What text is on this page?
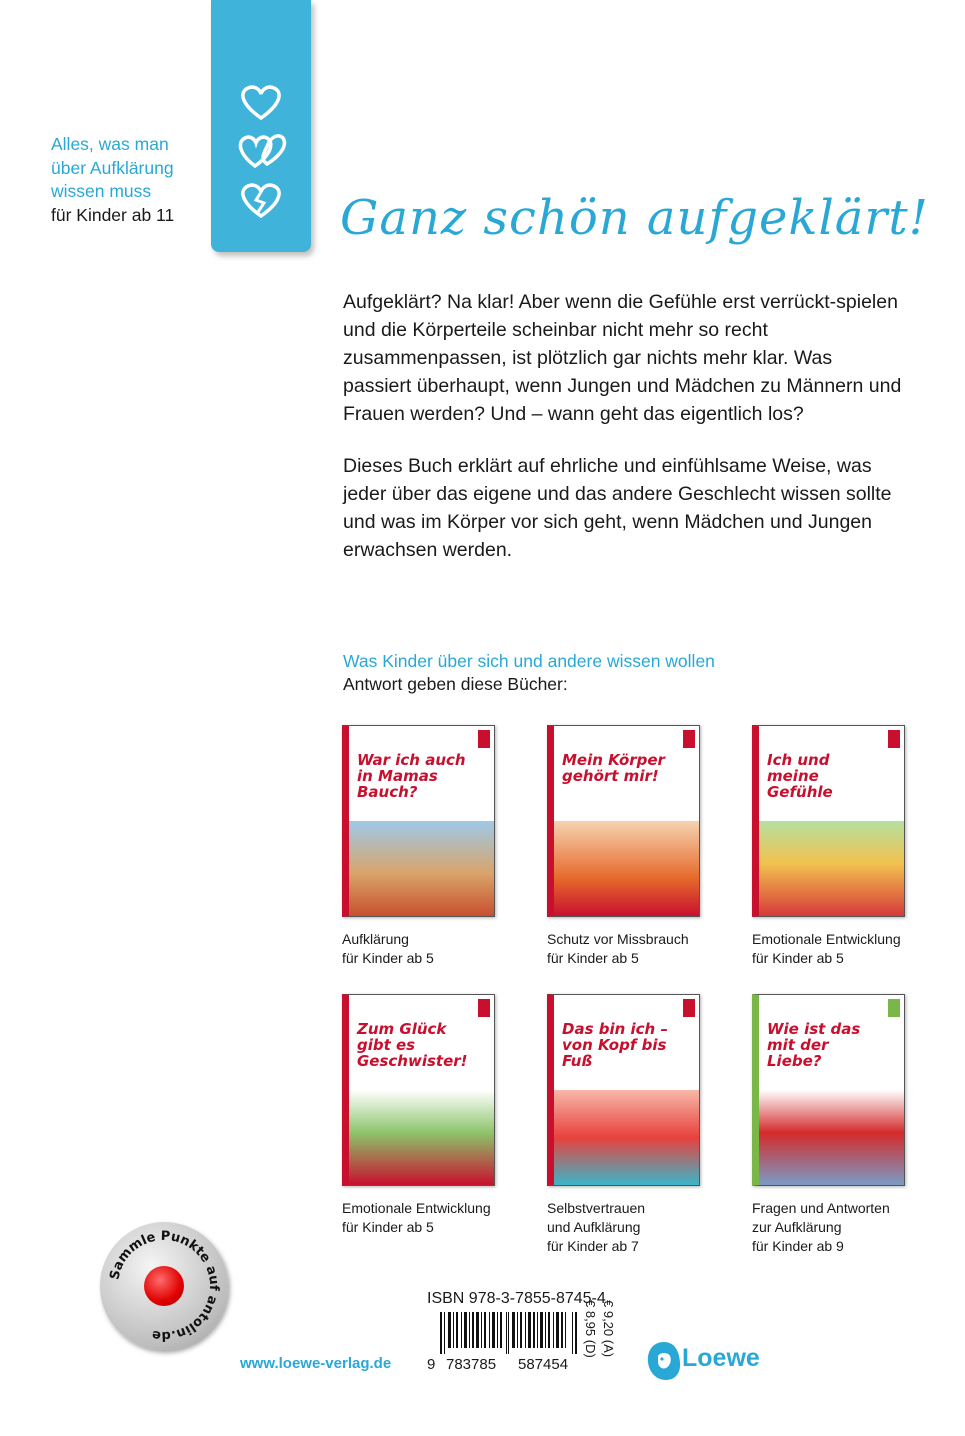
Alles, was man
über Aufklärung
wissen muss
für Kinder ab 11	Ganz schön aufgeklärt!

Aufgeklärt? Na klar! Aber wenn die Gefühle erst verrückt-spielen und die Körperteile scheinbar nicht mehr so recht zusammenpassen, ist plötzlich gar nichts mehr klar. Was passiert überhaupt, wenn Jungen und Mädchen zu Männern und Frauen werden? Und – wann geht das eigentlich los?

Dieses Buch erklärt auf ehrliche und einfühlsame Weise, was jeder über das eigene und das andere Geschlecht wissen sollte und was im Körper vor sich geht, wenn Mädchen und Jungen erwachsen werden.

Was Kinder über sich und andere wissen wollen
Antwort geben diese Bücher:
War ich auch in Mamas Bauch?
Mein Körper gehört mir!
Ich und meine Gefühle
Zum Glück gibt es Geschwister!
Das bin ich – von Kopf bis Fuß
Wie ist das mit der Liebe?
Aufklärung
für Kinder ab 5
Schutz vor Missbrauch
für Kinder ab 5
Emotionale Entwicklung
für Kinder ab 5
Emotionale Entwicklung
für Kinder ab 5
Selbstvertrauen
und Aufklärung
für Kinder ab 7
Fragen und Antworten
zur Aufklärung
für Kinder ab 9
Sammle Punkte auf antolin.de
www.loewe-verlag.de
ISBN 978-3-7855-8745-4
9 783785 587454
€ 8,95 (D) € 9,20 (A)
Loewe
